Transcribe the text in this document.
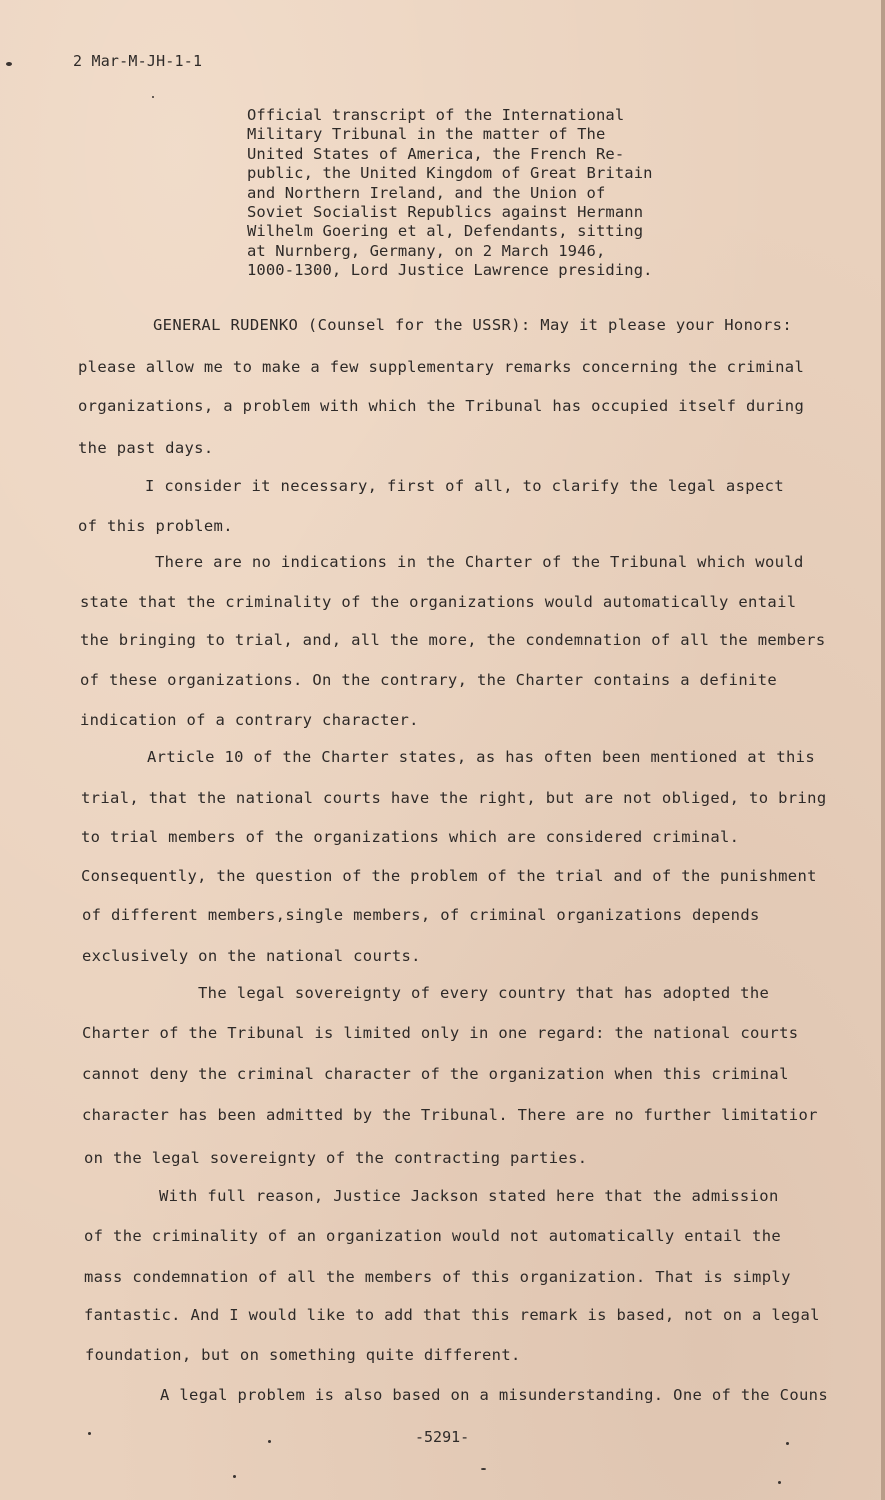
2 Mar-M-JH-1-1
Official transcript of the International
Military Tribunal in the matter of The
United States of America, the French Re-
public, the United Kingdom of Great Britain
and Northern Ireland, and the Union of
Soviet Socialist Republics against Hermann
Wilhelm Goering et al, Defendants, sitting
at Nurnberg, Germany, on 2 March 1946,
1000-1300, Lord Justice Lawrence presiding.
GENERAL RUDENKO (Counsel for the USSR): May it please your Honors:
please allow me to make a few supplementary remarks concerning the criminal
organizations, a problem with which the Tribunal has occupied itself during
the past days.
I consider it necessary, first of all, to clarify the legal aspect
of this problem.
There are no indications in the Charter of the Tribunal which would
state that the criminality of the organizations would automatically entail
the bringing to trial, and, all the more, the condemnation of all the members
of these organizations. On the contrary, the Charter contains a definite
indication of a contrary character.
Article 10 of the Charter states, as has often been mentioned at this
trial, that the national courts have the right, but are not obliged, to bring
to trial members of the organizations which are considered criminal.
Consequently, the question of the problem of the trial and of the punishment
of different members,single members, of criminal organizations depends
exclusively on the national courts.
The legal sovereignty of every country that has adopted the
Charter of the Tribunal is limited only in one regard: the national courts
cannot deny the criminal character of the organization when this criminal
character has been admitted by the Tribunal. There are no further limitatior
on the legal sovereignty of the contracting parties.
With full reason, Justice Jackson stated here that the admission
of the criminality of an organization would not automatically entail the
mass condemnation of all the members of this organization. That is simply
fantastic. And I would like to add that this remark is based, not on a legal
foundation, but on something quite different.
A legal problem is also based on a misunderstanding. One of the Couns
-5291-
